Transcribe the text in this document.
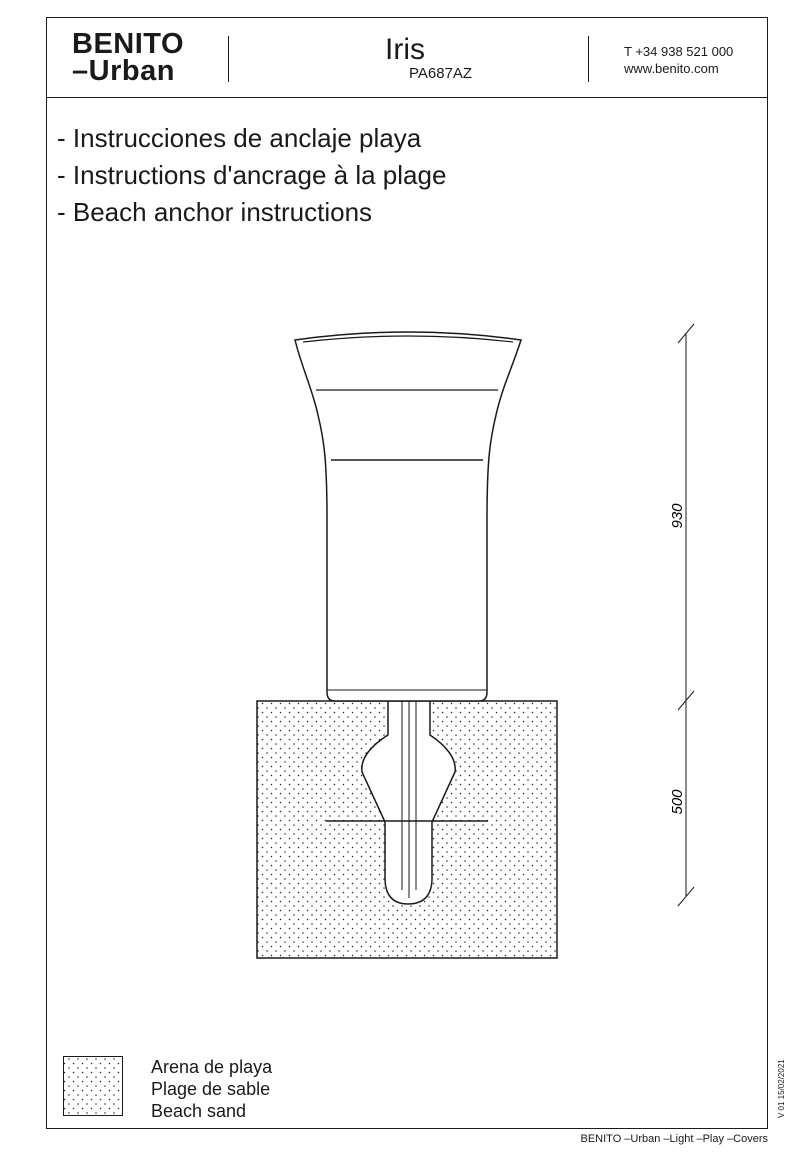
BENITO
–Urban
Iris
PA687AZ
T +34 938 521 000
www.benito.com
- Instrucciones de anclaje playa
- Instructions d'ancrage à la plage
- Beach anchor instructions
930
500
Arena de playa
Plage de sable
Beach sand	V 01 15/02/2021
BENITO –Urban –Light –Play –Covers
